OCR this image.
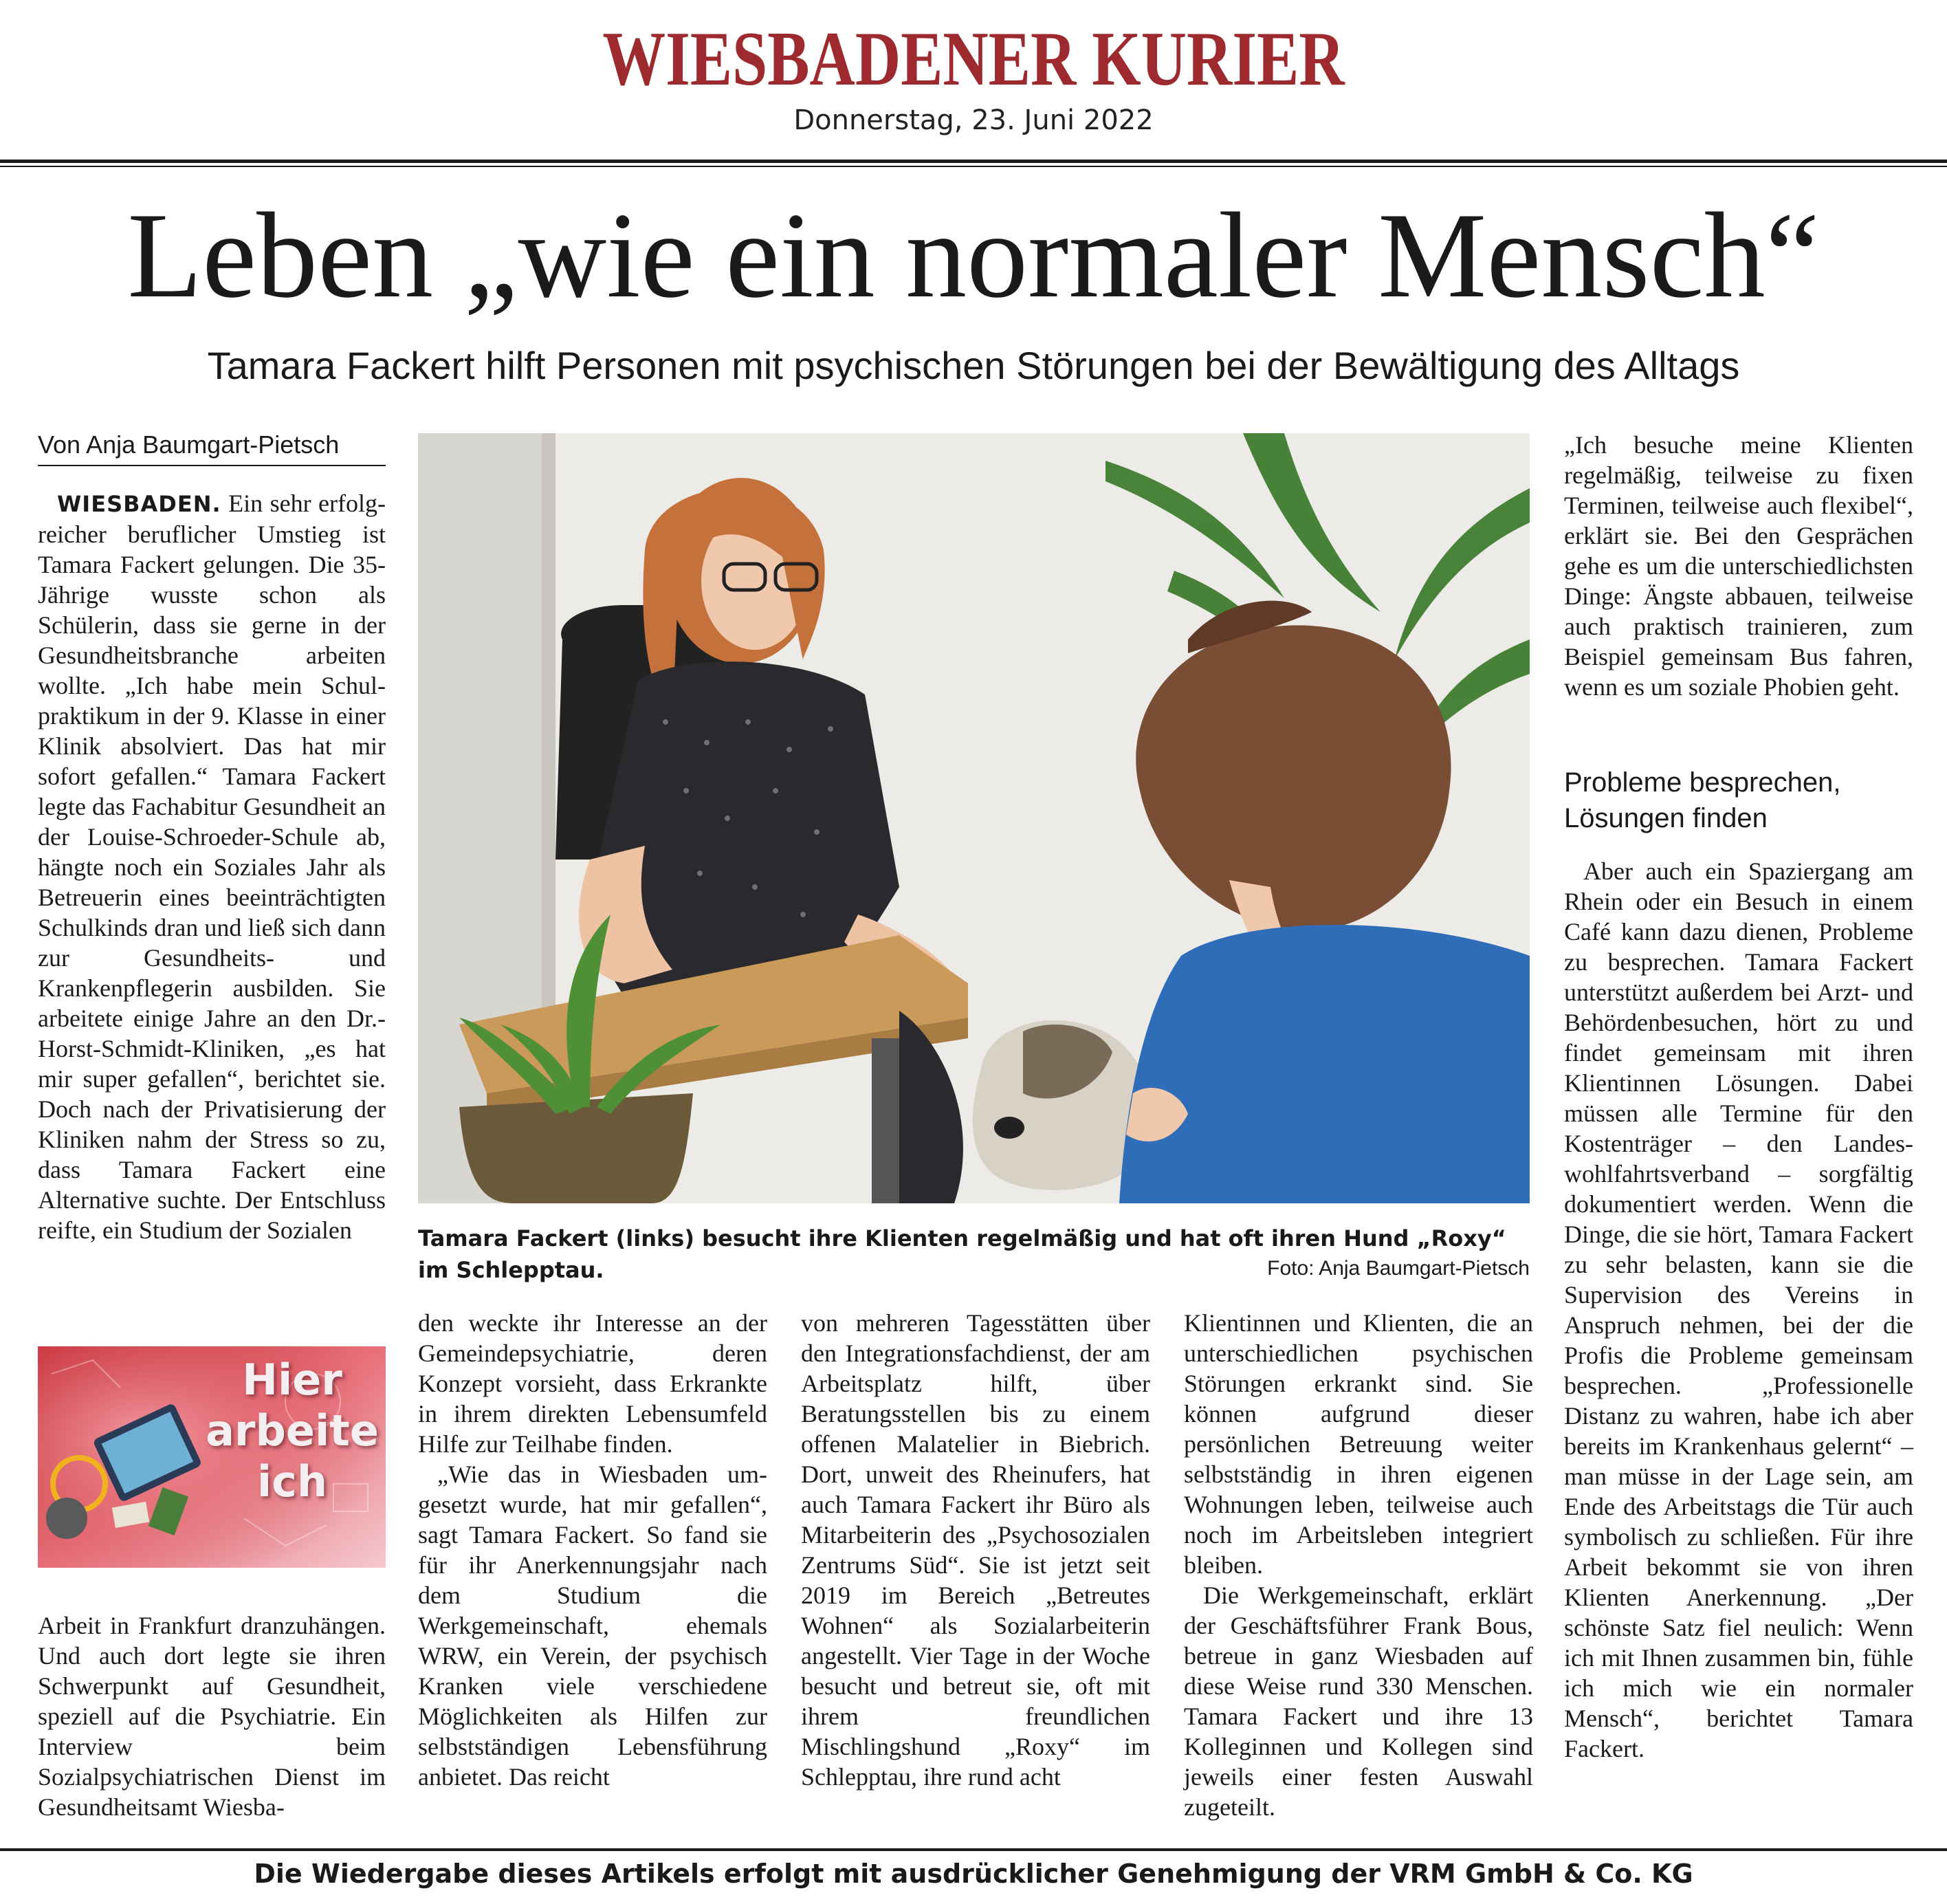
WIESBADENER KURIER
Donnerstag, 23. Juni 2022
Leben „wie ein normaler Mensch“
Tamara Fackert hilft Personen mit psychischen Störungen bei der Bewältigung des Alltags
Von Anja Baumgart-Pietsch

WIESBADEN. Ein sehr erfolgreicher beruflicher Umstieg ist Tamara Fackert gelungen. Die 35-Jährige wusste schon als Schülerin, dass sie gerne in der Gesundheitsbranche arbeiten wollte. „Ich habe mein Schulpraktikum in der 9. Klasse in einer Klinik absolviert. Das hat mir sofort gefallen.“ Tamara Fackert legte das Fachabitur Gesundheit an der Louise-Schroeder-Schule ab, hängte noch ein Soziales Jahr als Betreuerin eines beeinträchtigten Schulkinds dran und ließ sich dann zur Gesundheits- und Krankenpflegerin ausbilden. Sie arbeitete einige Jahre an den Dr.-Horst-Schmidt-Kliniken, „es hat mir super gefallen“, berichtet sie. Doch nach der Privatisierung der Kliniken nahm der Stress so zu, dass Tamara Fackert eine Alternative suchte. Der Entschluss reifte, ein Studium der Sozialen

Hier
arbeite
ich

Arbeit in Frankfurt dranzuhängen. Und auch dort legte sie ihren Schwerpunkt auf Gesundheit, speziell auf die Psychiatrie. Ein Interview beim Sozialpsychiatrischen Dienst im Gesundheitsamt Wiesba-

Tamara Fackert (links) besucht ihre Klienten regelmäßig und hat oft ihren Hund „Roxy“ im Schlepptau.	Foto: Anja Baumgart-Pietsch

den weckte ihr Interesse an der Gemeindepsychiatrie, deren Konzept vorsieht, dass Erkrankte in ihrem direkten Lebensumfeld Hilfe zur Teilhabe finden.

„Wie das in Wiesbaden umgesetzt wurde, hat mir gefallen“, sagt Tamara Fackert. So fand sie für ihr Anerkennungsjahr nach dem Studium die Werkgemeinschaft, ehemals WRW, ein Verein, der psychisch Kranken viele verschiedene Möglichkeiten als Hilfen zur selbstständigen Lebensführung anbietet. Das reicht

von mehreren Tagesstätten über den Integrationsfachdienst, der am Arbeitsplatz hilft, über Beratungsstellen bis zu einem offenen Malatelier in Biebrich. Dort, unweit des Rheinufers, hat auch Tamara Fackert ihr Büro als Mitarbeiterin des „Psychosozialen Zentrums Süd“. Sie ist jetzt seit 2019 im Bereich „Betreutes Wohnen“ als Sozialarbeiterin angestellt. Vier Tage in der Woche besucht und betreut sie, oft mit ihrem freundlichen Mischlingshund „Roxy“ im Schlepptau, ihre rund acht

Klientinnen und Klienten, die an unterschiedlichen psychischen Störungen erkrankt sind. Sie können aufgrund dieser persönlichen Betreuung weiter selbstständig in ihren eigenen Wohnungen leben, teilweise auch noch im Arbeitsleben integriert bleiben.

Die Werkgemeinschaft, erklärt der Geschäftsführer Frank Bous, betreue in ganz Wiesbaden auf diese Weise rund 330 Menschen. Tamara Fackert und ihre 13 Kolleginnen und Kollegen sind jeweils einer festen Auswahl zugeteilt.

„Ich besuche meine Klienten regelmäßig, teilweise zu fixen Terminen, teilweise auch flexibel“, erklärt sie. Bei den Gesprächen gehe es um die unterschiedlichsten Dinge: Ängste abbauen, teilweise auch praktisch trainieren, zum Beispiel gemeinsam Bus fahren, wenn es um soziale Phobien geht.

Probleme besprechen,
Lösungen finden

Aber auch ein Spaziergang am Rhein oder ein Besuch in einem Café kann dazu dienen, Probleme zu besprechen. Tamara Fackert unterstützt außerdem bei Arzt- und Behördenbesuchen, hört zu und findet gemeinsam mit ihren Klientinnen Lösungen. Dabei müssen alle Termine für den Kostenträger – den Landeswohlfahrtsverband – sorgfältig dokumentiert werden. Wenn die Dinge, die sie hört, Tamara Fackert zu sehr belasten, kann sie die Supervision des Vereins in Anspruch nehmen, bei der die Profis die Probleme gemeinsam besprechen. „Professionelle Distanz zu wahren, habe ich aber bereits im Krankenhaus gelernt“ – man müsse in der Lage sein, am Ende des Arbeitstags die Tür auch symbolisch zu schließen. Für ihre Arbeit bekommt sie von ihren Klienten Anerkennung. „Der schönste Satz fiel neulich: Wenn ich mit Ihnen zusammen bin, fühle ich mich wie ein normaler Mensch“, berichtet Tamara Fackert.

Die Wiedergabe dieses Artikels erfolgt mit ausdrücklicher Genehmigung der VRM GmbH & Co. KG
